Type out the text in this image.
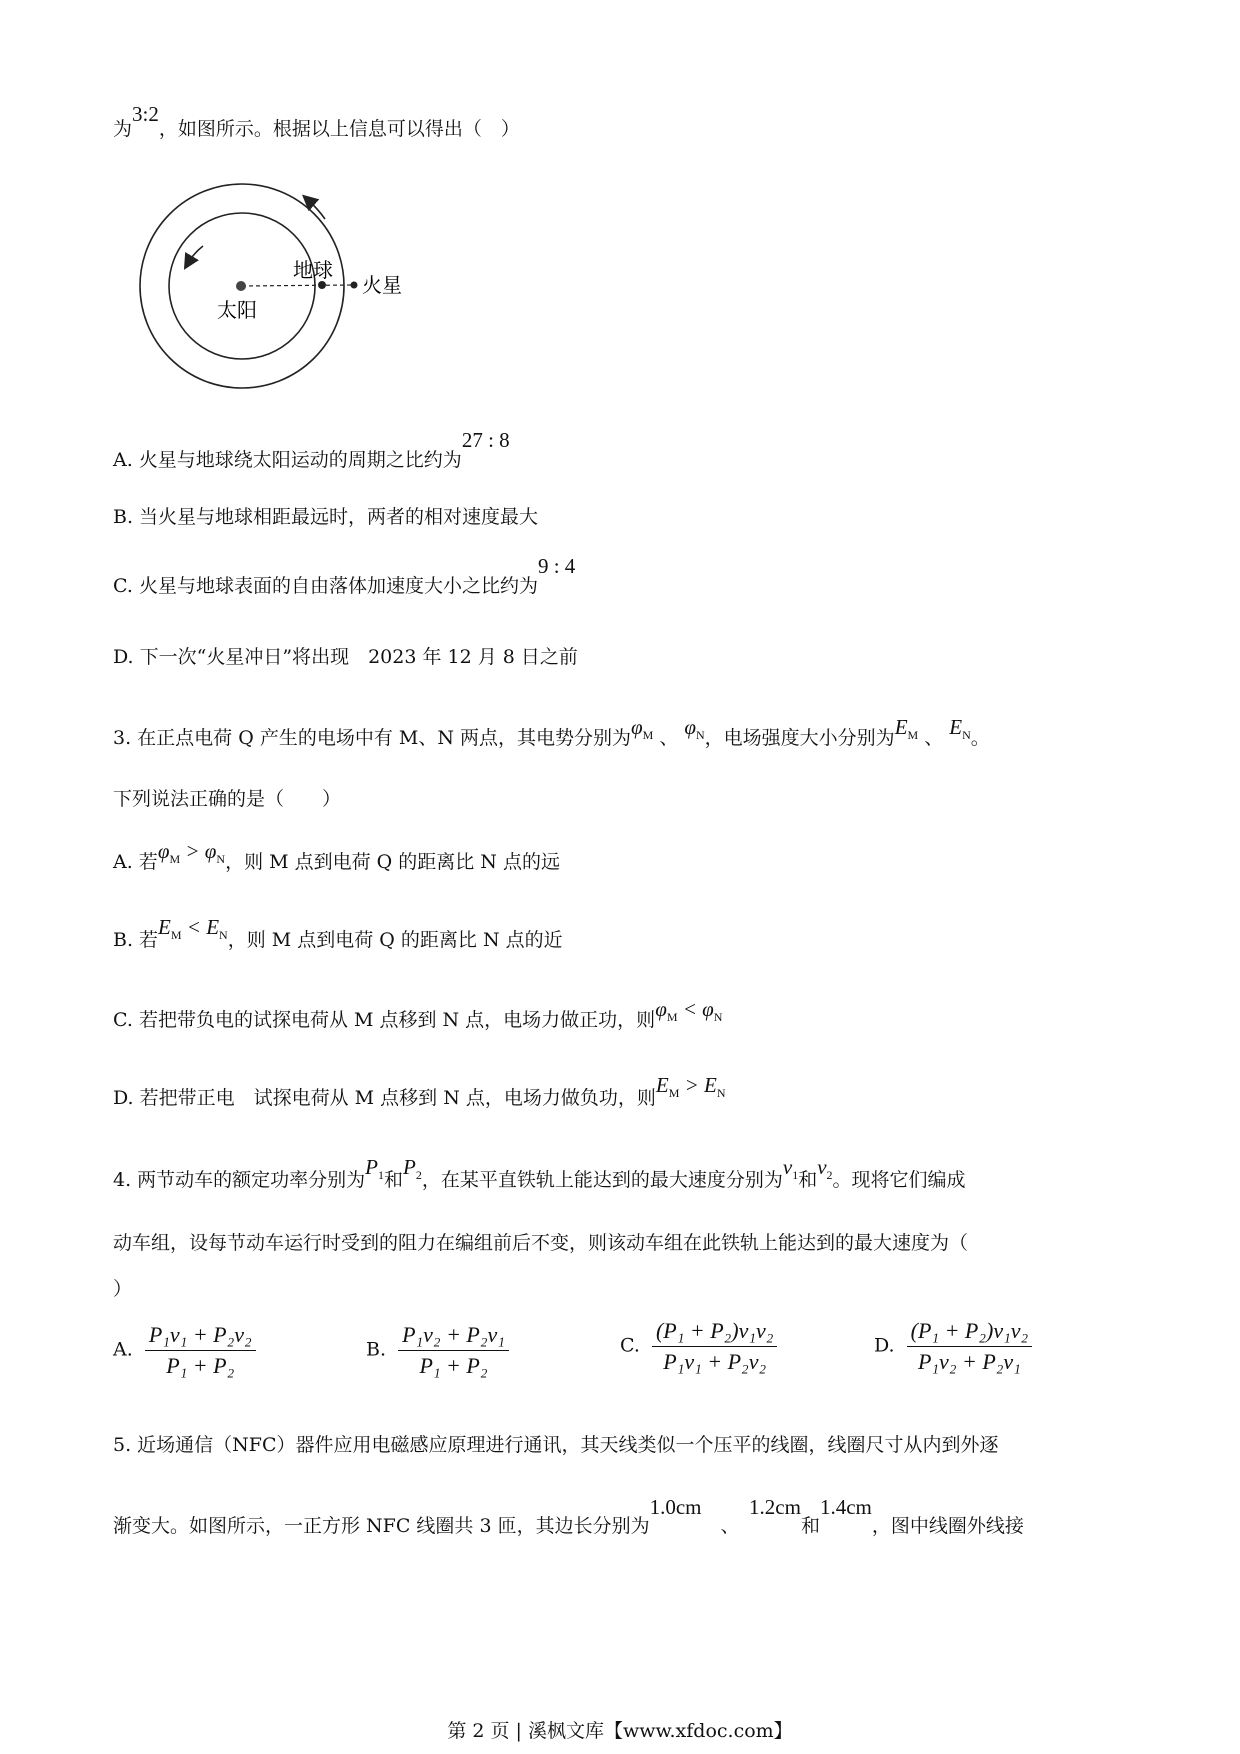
为3:2，如图所示。根据以上信息可以得出（　）
太阳
地球
火星
A. 火星与地球绕太阳运动的周期之比约为27 : 8
B. 当火星与地球相距最远时，两者的相对速度最大
C. 火星与地球表面的自由落体加速度大小之比约为9 : 4
D. 下一次“火星冲日”将出现　2023 年 12 月 8 日之前
3. 在正点电荷 Q 产生的电场中有 M、N 两点，其电势分别为$\varphi_M$ 、 $\varphi_N$，电场强度大小分别为$E_M$ 、 $E_N$。
下列说法正确的是（　　）
A. 若$\varphi_M > \varphi_N$，则 M 点到电荷 Q 的距离比 N 点的远
B. 若$E_M < E_N$，则 M 点到电荷 Q 的距离比 N 点的近
C. 若把带负电的试探电荷从 M 点移到 N 点，电场力做正功，则$\varphi_M < \varphi_N$
D. 若把带正电　试探电荷从 M 点移到 N 点，电场力做负功，则$E_M > E_N$
4. 两节动车的额定功率分别为$P_1$和$P_2$，在某平直铁轨上能达到的最大速度分别为$v_1$和$v_2$。现将它们编成
动车组，设每节动车运行时受到的阻力在编组前后不变，则该动车组在此铁轨上能达到的最大速度为（
）
A. $\frac{\text{P₁v₁ + P₂v₂}}{\text{P₁ + P₂}}$	B. $\frac{\text{P₁v₂ + P₂v₁}}{\text{P₁ + P₂}}$	C. $\frac{\text{(P₁ + P₂)v₁v₂}}{\text{P₁v₁ + P₂v₂}}$	D. $\frac{\text{(P₁ + P₂)v₁v₂}}{\text{P₁v₂ + P₂v₁}}$
5. 近场通信（NFC）器件应用电磁感应原理进行通讯，其天线类似一个压平的线圈，线圈尺寸从内到外逐
渐变大。如图所示，一正方形 NFC 线圈共 3 匝，其边长分别为1.0cm　、　1.2cm和1.4cm，图中线圈外线接
第 2 页 | 溪枫文库【www.xfdoc.com】
